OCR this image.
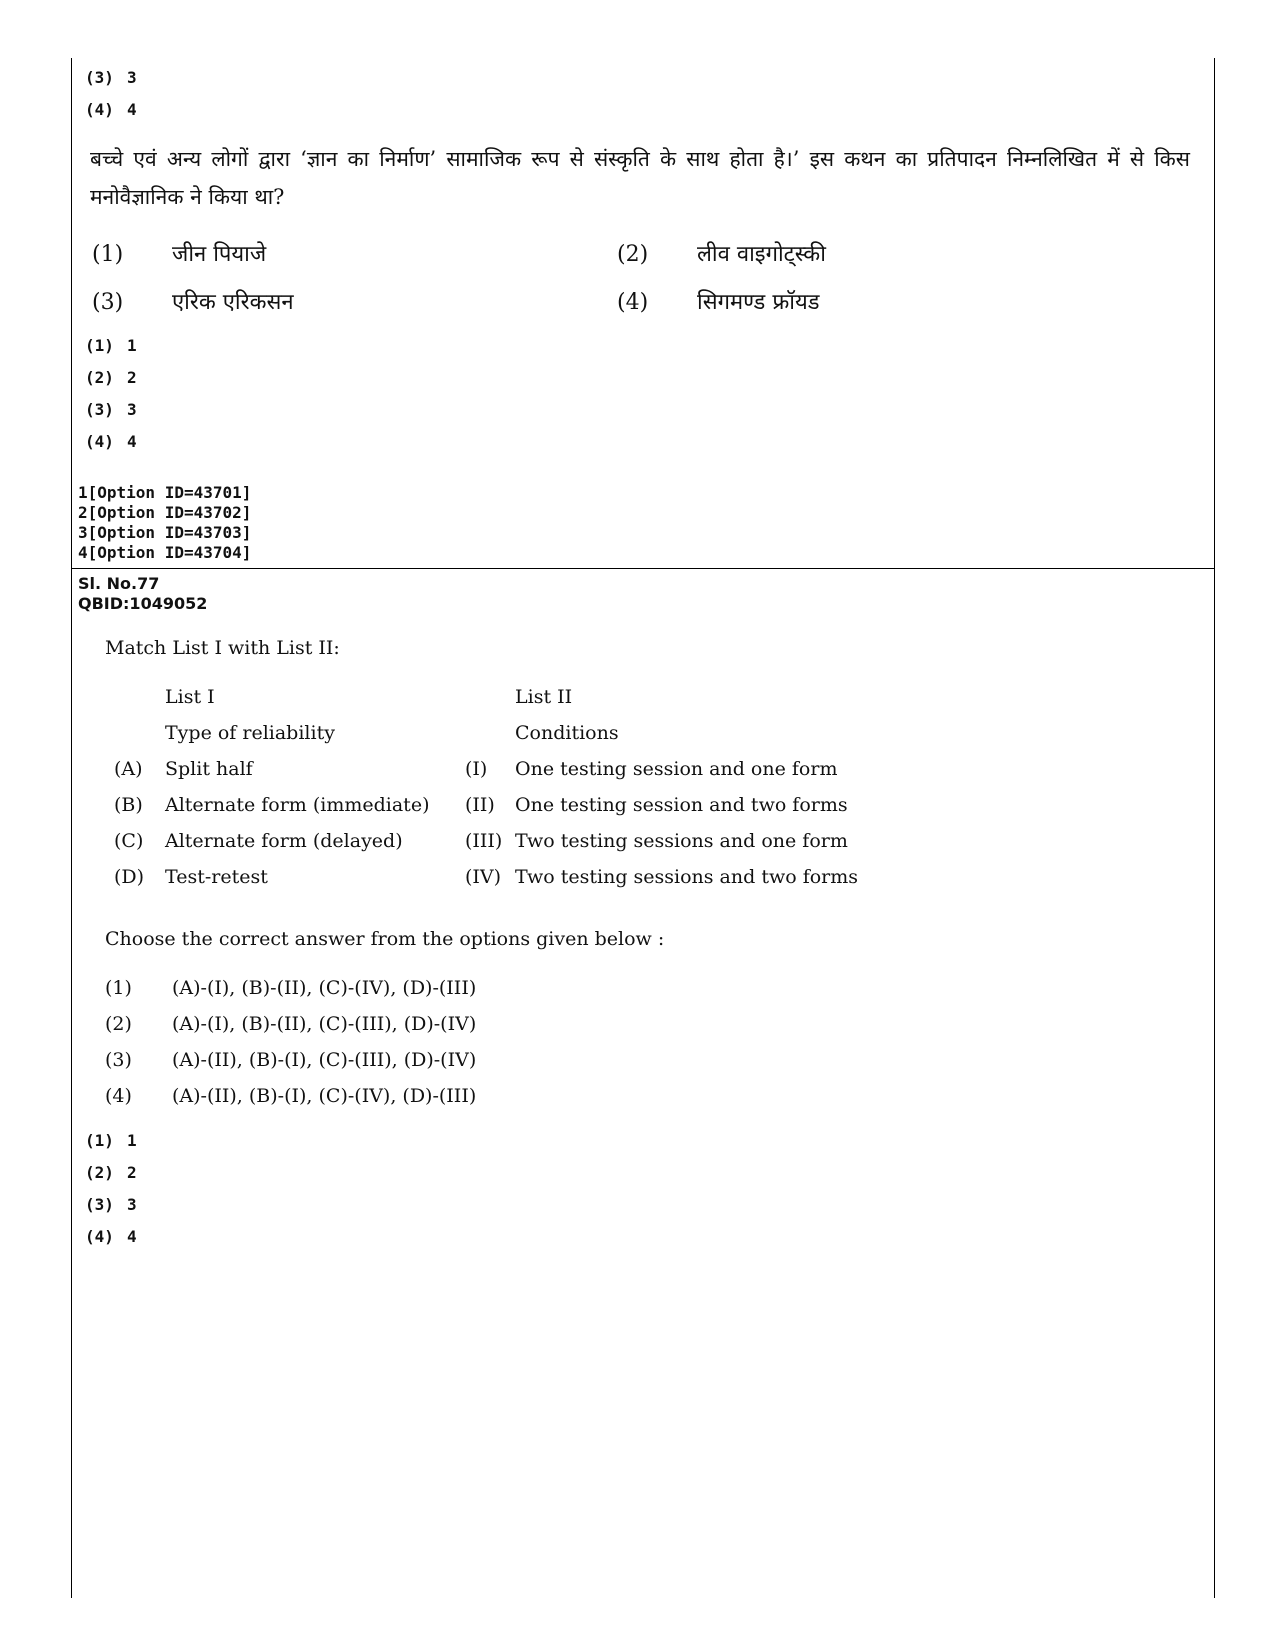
(3) 3
(4) 4
बच्चे एवं अन्य लोगों द्वारा ‘ज्ञान का निर्माण’ सामाजिक रूप से संस्कृति के साथ होता है।’ इस कथन का प्रतिपादन निम्नलिखित में से किस मनोवैज्ञानिक ने किया था?
(1) जीन पियाजे	(2) लीव वाइगोट्स्की
(3) एरिक एरिकसन	(4) सिगमण्ड फ्रॉयड
(1) 1
(2) 2
(3) 3
(4) 4
1[Option ID=43701]
2[Option ID=43702]
3[Option ID=43703]
4[Option ID=43704]
Sl. No.77
QBID:1049052
Match List I with List II:
List I	List II
Type of reliability	Conditions
(A) Split half	(I) One testing session and one form
(B) Alternate form (immediate) (II) One testing session and two forms
(C) Alternate form (delayed)	(III) Two testing sessions and one form
(D) Test-retest	(IV) Two testing sessions and two forms
Choose the correct answer from the options given below :
(1) (A)-(I), (B)-(II), (C)-(IV), (D)-(III)
(2) (A)-(I), (B)-(II), (C)-(III), (D)-(IV)
(3) (A)-(II), (B)-(I), (C)-(III), (D)-(IV)
(4) (A)-(II), (B)-(I), (C)-(IV), (D)-(III)
(1) 1
(2) 2
(3) 3
(4) 4
